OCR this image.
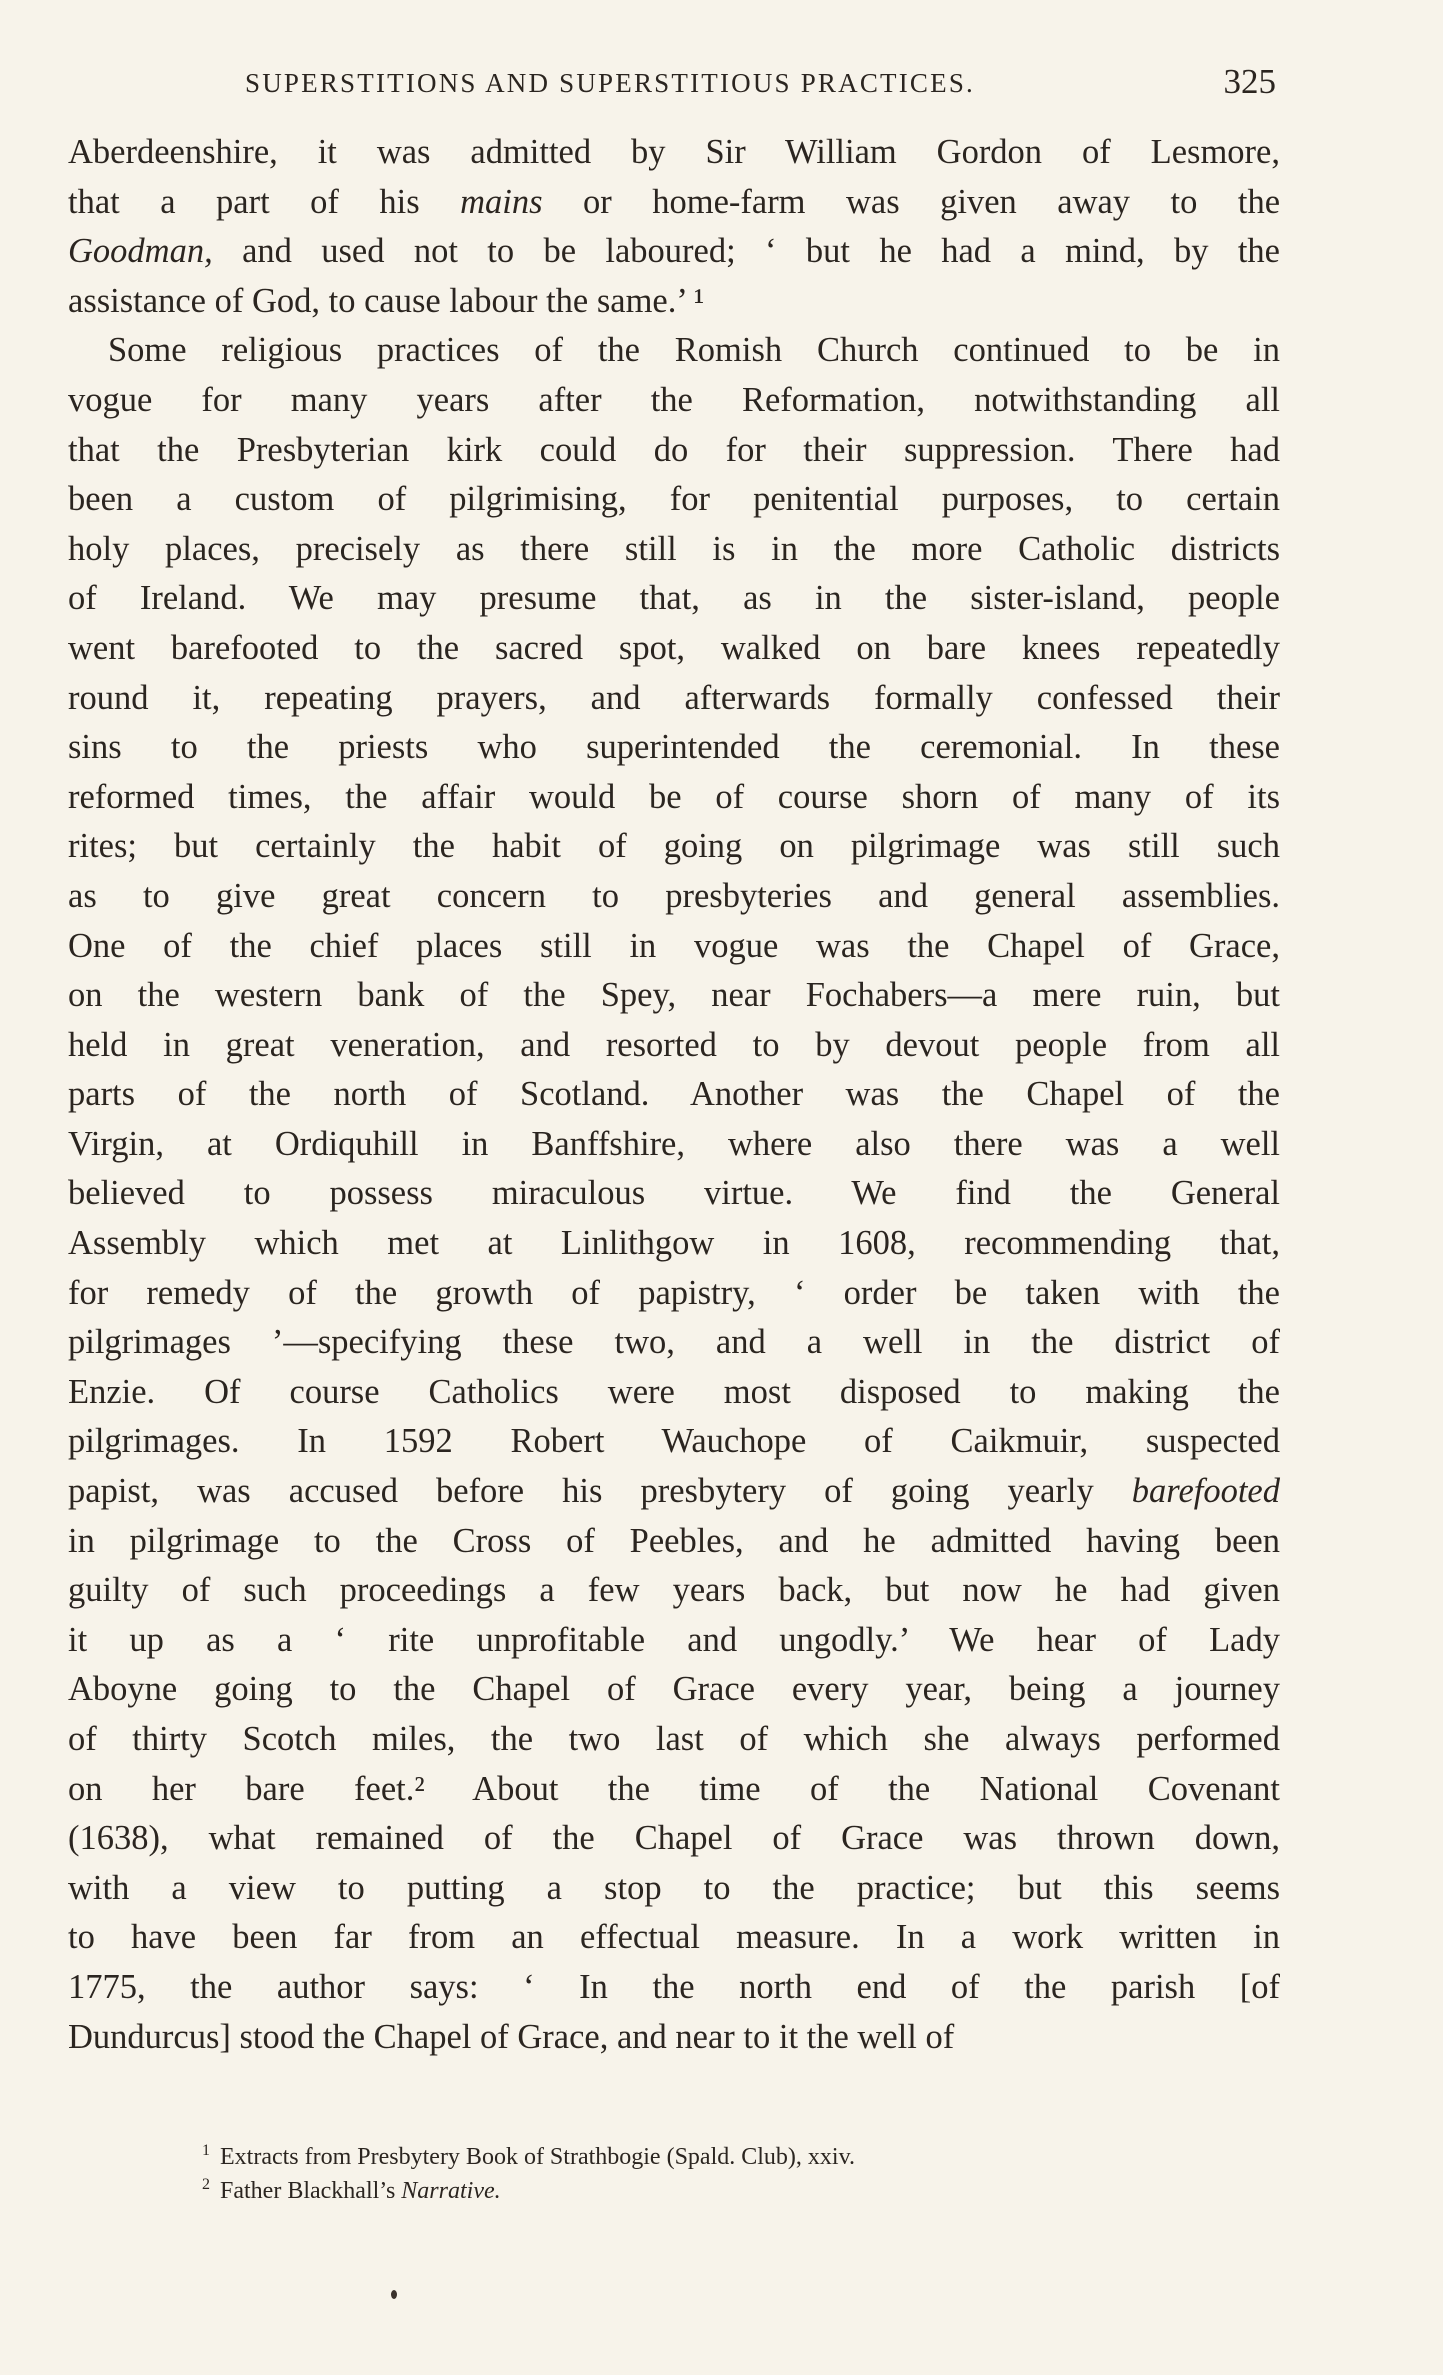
SUPERSTITIONS AND SUPERSTITIOUS PRACTICES.	325
Aberdeenshire, it was admitted by Sir William Gordon of Lesmore,
that a part of his mains or home-farm was given away to the
Goodman, and used not to be laboured; ‘ but he had a mind, by the
assistance of God, to cause labour the same.’ ¹
Some religious practices of the Romish Church continued to be in
vogue for many years after the Reformation, notwithstanding all
that the Presbyterian kirk could do for their suppression. There had
been a custom of pilgrimising, for penitential purposes, to certain
holy places, precisely as there still is in the more Catholic districts
of Ireland. We may presume that, as in the sister-island, people
went barefooted to the sacred spot, walked on bare knees repeatedly
round it, repeating prayers, and afterwards formally confessed their
sins to the priests who superintended the ceremonial. In these
reformed times, the affair would be of course shorn of many of its
rites; but certainly the habit of going on pilgrimage was still such
as to give great concern to presbyteries and general assemblies.
One of the chief places still in vogue was the Chapel of Grace,
on the western bank of the Spey, near Fochabers—a mere ruin, but
held in great veneration, and resorted to by devout people from all
parts of the north of Scotland. Another was the Chapel of the
Virgin, at Ordiquhill in Banffshire, where also there was a well
believed to possess miraculous virtue. We find the General
Assembly which met at Linlithgow in 1608, recommending that,
for remedy of the growth of papistry, ‘ order be taken with the
pilgrimages ’—specifying these two, and a well in the district of
Enzie. Of course Catholics were most disposed to making the
pilgrimages. In 1592 Robert Wauchope of Caikmuir, suspected
papist, was accused before his presbytery of going yearly barefooted
in pilgrimage to the Cross of Peebles, and he admitted having been
guilty of such proceedings a few years back, but now he had given
it up as a ‘ rite unprofitable and ungodly.’ We hear of Lady
Aboyne going to the Chapel of Grace every year, being a journey
of thirty Scotch miles, the two last of which she always performed
on her bare feet.² About the time of the National Covenant
(1638), what remained of the Chapel of Grace was thrown down,
with a view to putting a stop to the practice; but this seems
to have been far from an effectual measure. In a work written in
1775, the author says: ‘ In the north end of the parish [of
Dundurcus] stood the Chapel of Grace, and near to it the well of
1 Extracts from Presbytery Book of Strathbogie (Spald. Club), xxiv.
2 Father Blackhall’s Narrative.
